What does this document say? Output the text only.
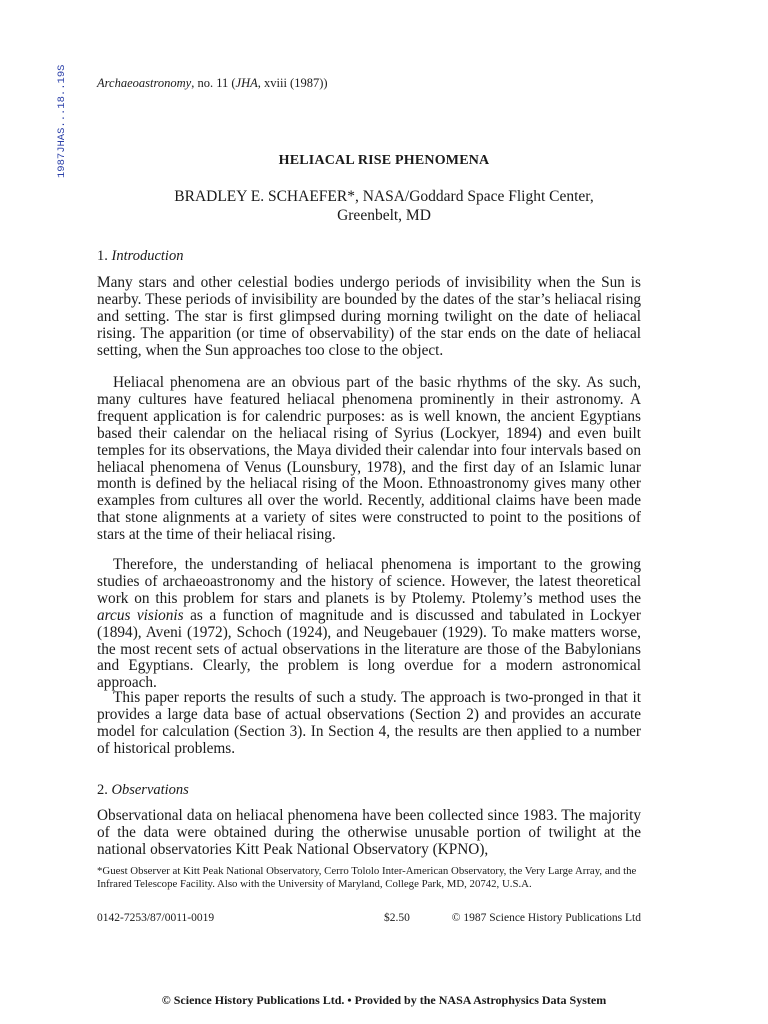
1987JHAS...18..19S Archaeoastronomy, no. 11 (JHA, xviii (1987))
HELIACAL RISE PHENOMENA
BRADLEY E. SCHAEFER*, NASA/Goddard Space Flight Center,
Greenbelt, MD
1. Introduction

Many stars and other celestial bodies undergo periods of invisibility when the Sun is nearby. These periods of invisibility are bounded by the dates of the star’s heliacal rising and setting. The star is first glimpsed during morning twilight on the date of heliacal rising. The apparition (or time of observability) of the star ends on the date of heliacal setting, when the Sun approaches too close to the object.

Heliacal phenomena are an obvious part of the basic rhythms of the sky. As such, many cultures have featured heliacal phenomena prominently in their astronomy. A frequent application is for calendric purposes: as is well known, the ancient Egyptians based their calendar on the heliacal rising of Syrius (Lockyer, 1894) and even built temples for its observations, the Maya divided their calendar into four intervals based on heliacal phenomena of Venus (Lounsbury, 1978), and the first day of an Islamic lunar month is defined by the heliacal rising of the Moon. Ethnoastronomy gives many other examples from cultures all over the world. Recently, additional claims have been made that stone alignments at a variety of sites were constructed to point to the positions of stars at the time of their heliacal rising.

Therefore, the understanding of heliacal phenomena is important to the growing studies of archaeoastronomy and the history of science. However, the latest theoretical work on this problem for stars and planets is by Ptolemy. Ptolemy’s method uses the arcus visionis as a function of magnitude and is discussed and tabulated in Lockyer (1894), Aveni (1972), Schoch (1924), and Neugebauer (1929). To make matters worse, the most recent sets of actual observations in the literature are those of the Babylonians and Egyptians. Clearly, the problem is long overdue for a modern astronomical approach.

This paper reports the results of such a study. The approach is two-pronged in that it provides a large data base of actual observations (Section 2) and provides an accurate model for calculation (Section 3). In Section 4, the results are then applied to a number of historical problems.

2. Observations

Observational data on heliacal phenomena have been collected since 1983. The majority of the data were obtained during the otherwise unusable portion of twilight at the national observatories Kitt Peak National Observatory (KPNO),

*Guest Observer at Kitt Peak National Observatory, Cerro Tololo Inter-American Observatory, the Very Large Array, and the Infrared Telescope Facility. Also with the University of Maryland, College Park, MD, 20742, U.S.A.

0142-7253/87/0011-0019	$2.50	© 1987 Science History Publications Ltd
© Science History Publications Ltd. • Provided by the NASA Astrophysics Data System
